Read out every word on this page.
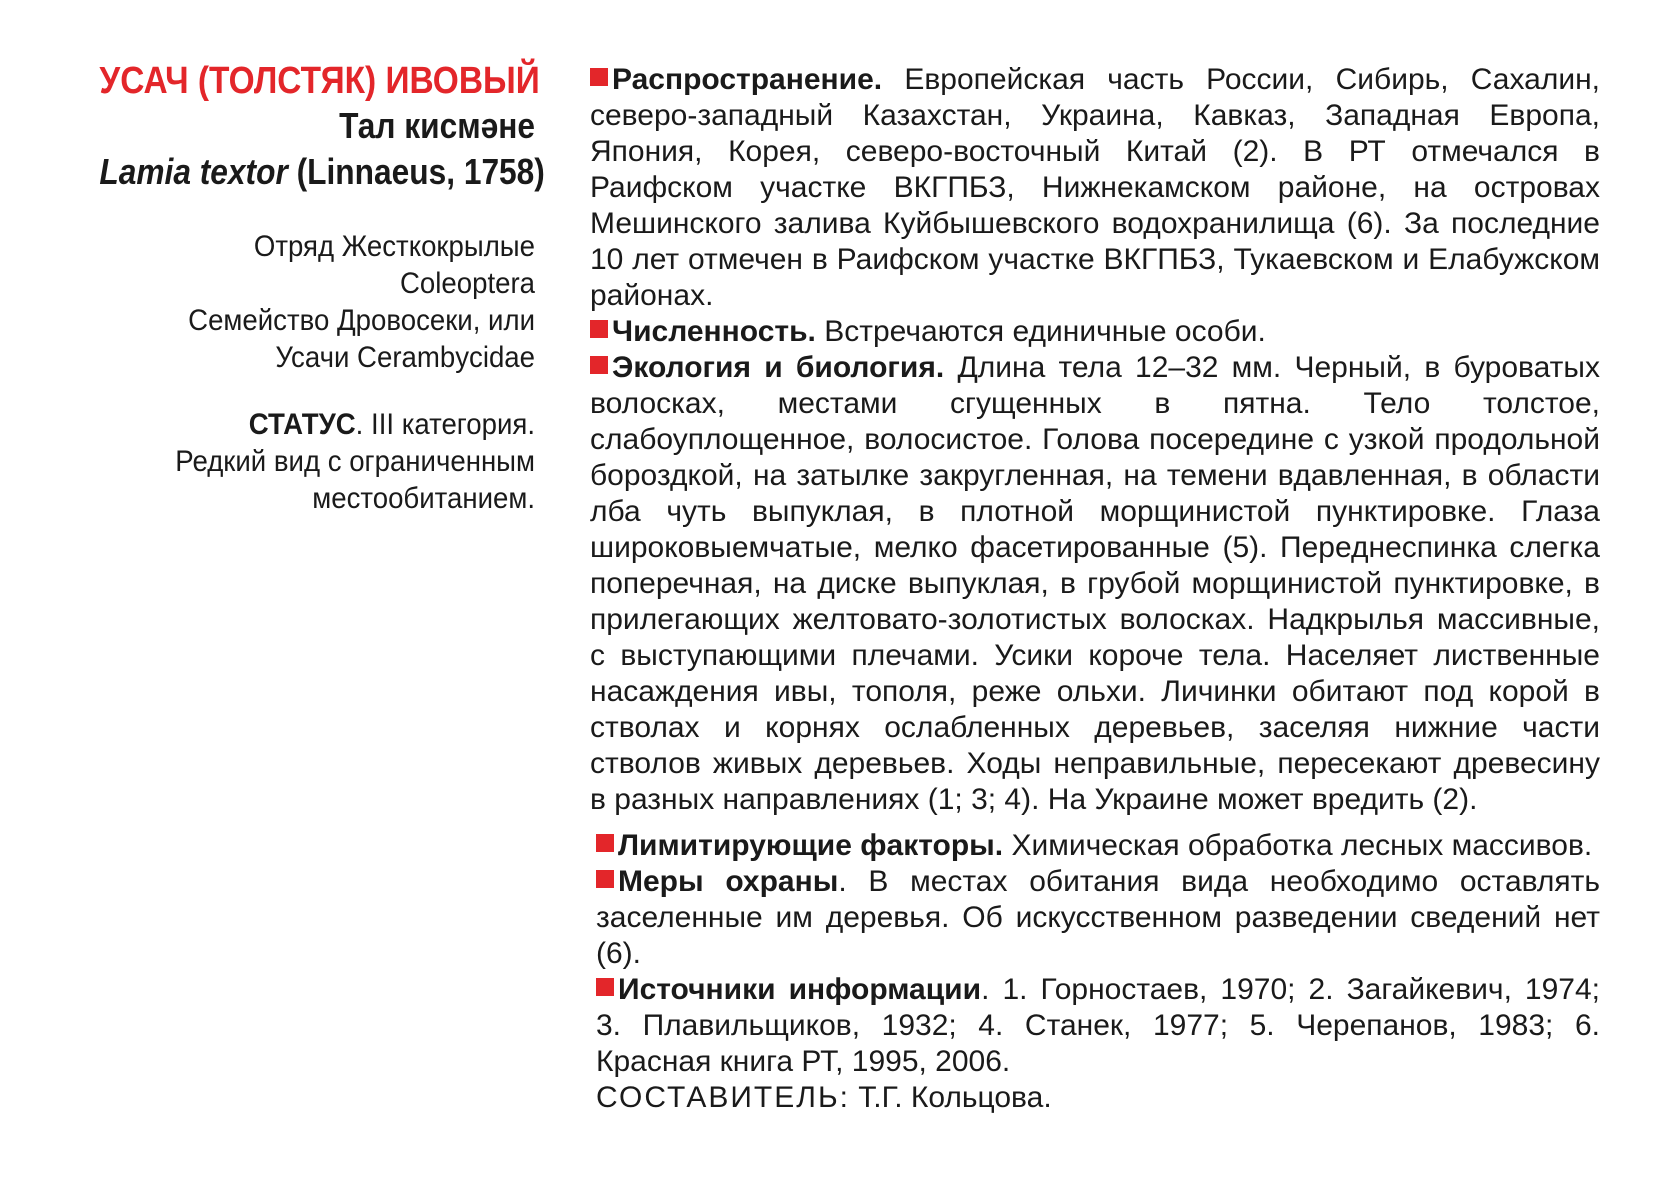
УСАЧ (ТОЛСТЯК) ИВОВЫЙ
Тал кисмәне
Lamia textor (Linnaeus, 1758)
Отряд Жесткокрылые
Coleoptera
Семейство Дровосеки, или
Усачи Cerambycidae
СТАТУС. III категория.
Редкий вид с ограниченным
местообитанием.

Распространение. Европейская часть России, Сибирь, Сахалин, северо-западный Казахстан, Украина, Кавказ, Западная Европа, Япония, Корея, северо-восточный Китай (2). В РТ отмечался в Раифском участке ВКГПБЗ, Нижнекамском районе, на островах Мешинского залива Куйбышевского водохранилища (6). За последние 10 лет отмечен в Раифском участке ВКГПБЗ, Тукаевском и Елабужском районах.

Численность. Встречаются единичные особи.

Экология и биология. Длина тела 12–32 мм. Черный, в буроватых волосках, местами сгущенных в пятна. Тело толстое, слабоуплощенное, волосистое. Голова посередине с узкой продольной бороздкой, на затылке закругленная, на темени вдавленная, в области лба чуть выпуклая, в плотной морщинистой пунктировке. Глаза широковыемчатые, мелко фасетированные (5). Переднеспинка слегка поперечная, на диске выпуклая, в грубой морщинистой пунктировке, в прилегающих желтовато-золотистых волосках. Надкрылья массивные, с выступающими плечами. Усики короче тела. Населяет лиственные насаждения ивы, тополя, реже ольхи. Личинки обитают под корой в стволах и корнях ослабленных деревьев, заселяя нижние части стволов живых деревьев. Ходы неправильные, пересекают древесину в разных направлениях (1; 3; 4). На Украине может вредить (2).

Лимитирующие факторы. Химическая обработка лесных массивов.

Меры охраны. В местах обитания вида необходимо оставлять заселенные им деревья. Об искусственном разведении сведений нет (6).

Источники информации. 1. Горностаев, 1970; 2. Загайкевич, 1974; 3. Плавильщиков, 1932; 4. Станек, 1977; 5. Черепанов, 1983; 6. Красная книга РТ, 1995, 2006.

СОСТАВИТЕЛЬ: Т.Г. Кольцова.
